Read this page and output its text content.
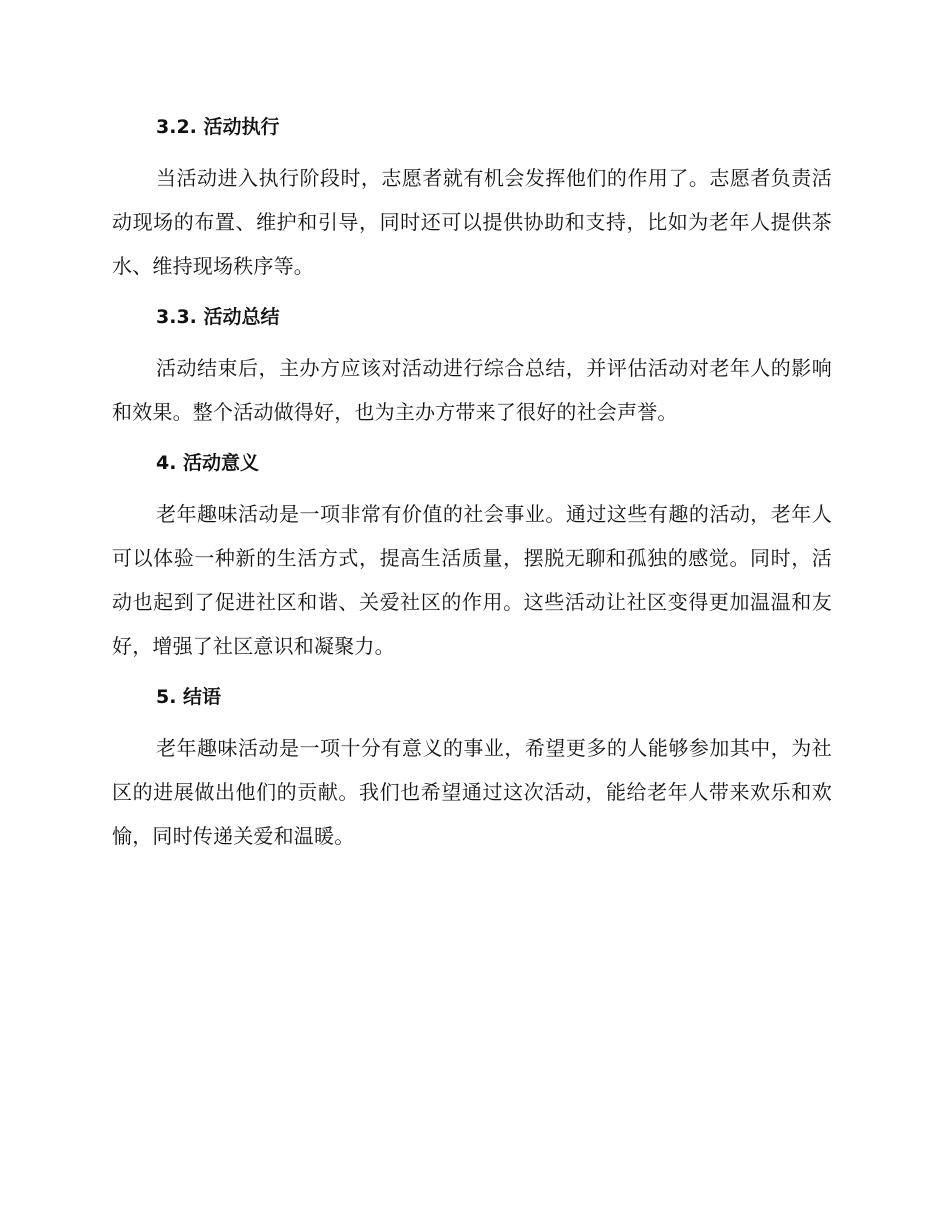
3.2. 活动执行

当活动进入执行阶段时，志愿者就有机会发挥他们的作用了。志愿者负责活动现场的布置、维护和引导，同时还可以提供协助和支持，比如为老年人提供茶水、维持现场秩序等。

3.3. 活动总结

活动结束后，主办方应该对活动进行综合总结，并评估活动对老年人的影响和效果。整个活动做得好，也为主办方带来了很好的社会声誉。

4. 活动意义

老年趣味活动是一项非常有价值的社会事业。通过这些有趣的活动，老年人可以体验一种新的生活方式，提高生活质量，摆脱无聊和孤独的感觉。同时，活动也起到了促进社区和谐、关爱社区的作用。这些活动让社区变得更加温温和友好，增强了社区意识和凝聚力。

5. 结语

老年趣味活动是一项十分有意义的事业，希望更多的人能够参加其中，为社区的进展做出他们的贡献。我们也希望通过这次活动，能给老年人带来欢乐和欢愉，同时传递关爱和温暖。
